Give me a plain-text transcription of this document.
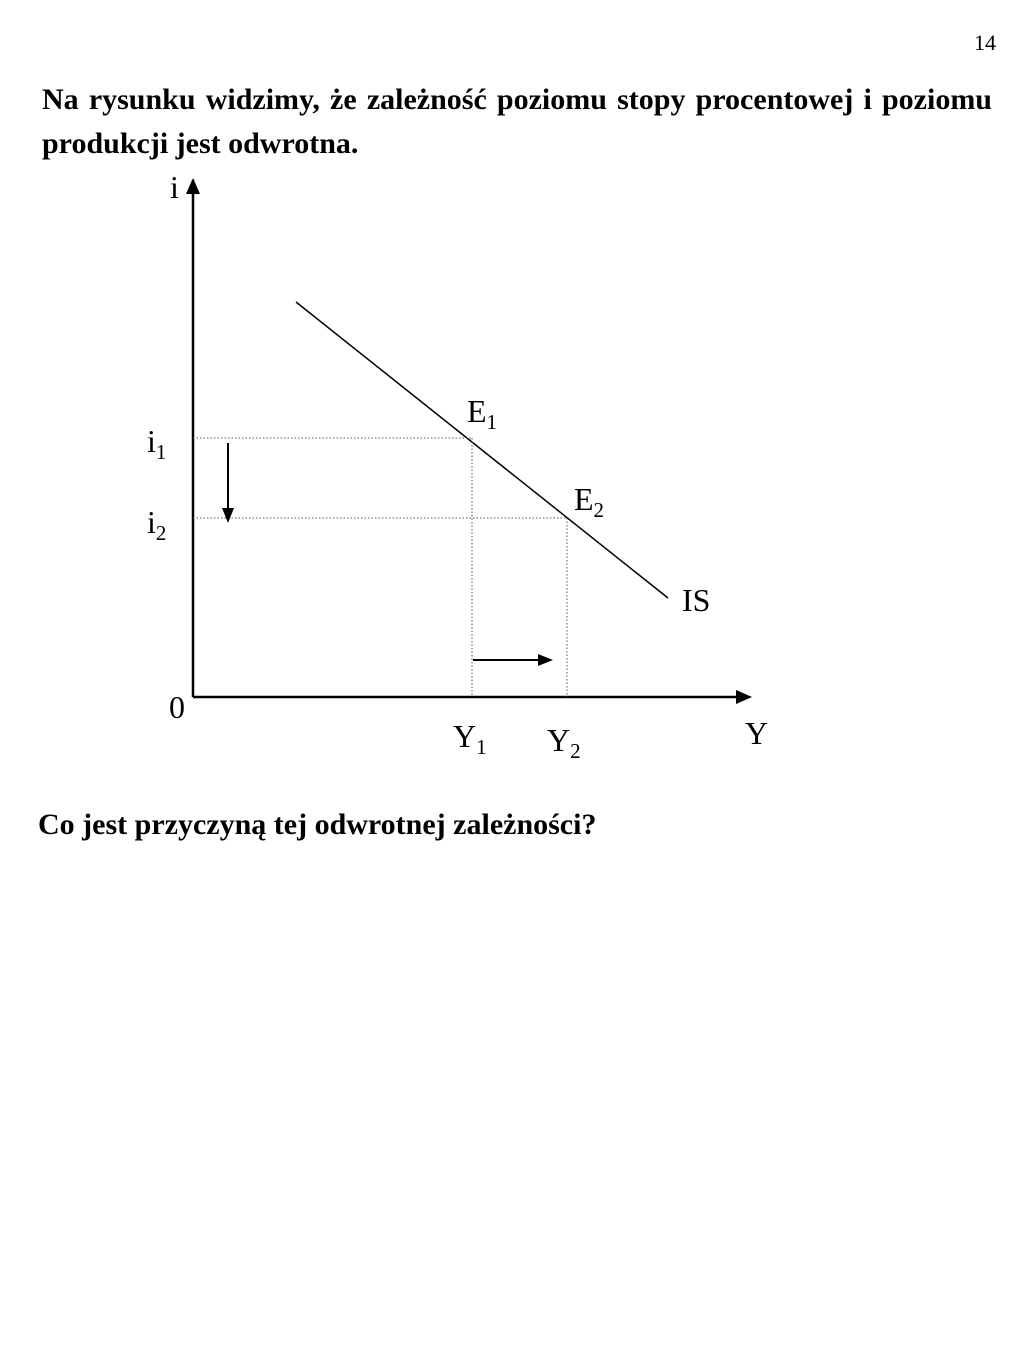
14

Na rysunku widzimy, że zależność poziomu stopy procentowej i poziomu produkcji jest odwrotna.

i
Y
0
IS
E1
E2
i1
i2
Y1 Y2

Co jest przyczyną tej odwrotnej zależności?
